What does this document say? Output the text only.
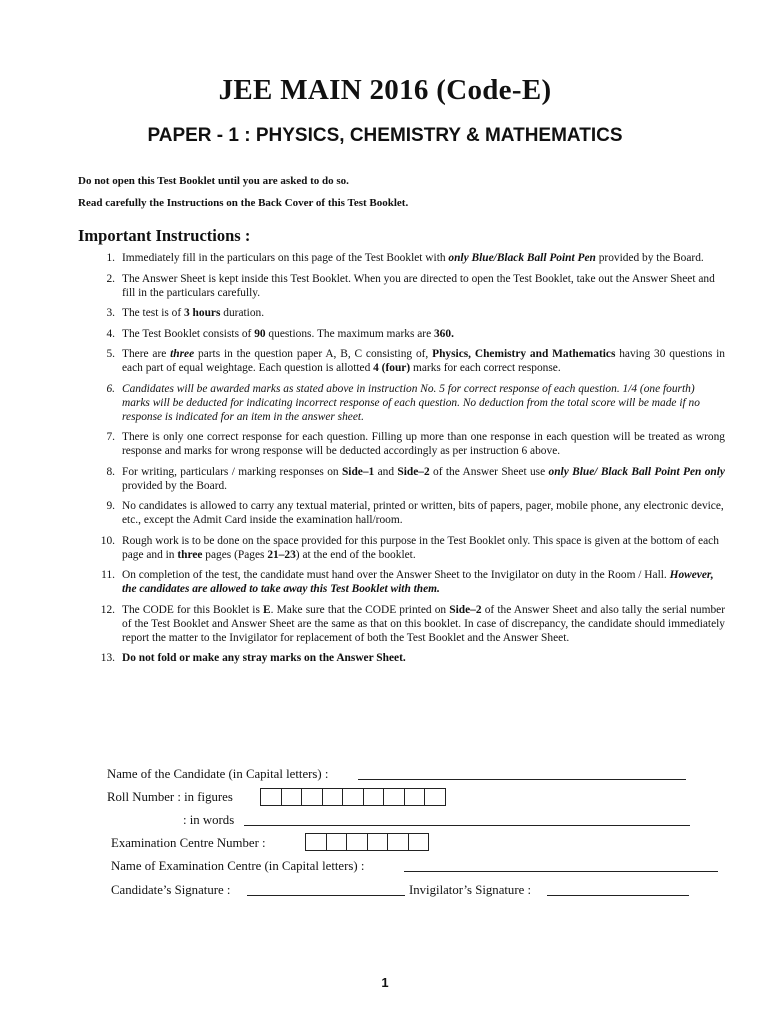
JEE MAIN 2016 (Code-E)
PAPER - 1 : PHYSICS, CHEMISTRY & MATHEMATICS
Do not open this Test Booklet until you are asked to do so.
Read carefully the Instructions on the Back Cover of this Test Booklet.
Important Instructions :
1. Immediately fill in the particulars on this page of the Test Booklet with only Blue/Black Ball Point Pen provided by the Board.
2. The Answer Sheet is kept inside this Test Booklet. When you are directed to open the Test Booklet, take out the Answer Sheet and fill in the particulars carefully.
3. The test is of 3 hours duration.
4. The Test Booklet consists of 90 questions. The maximum marks are 360.
5. There are three parts in the question paper A, B, C consisting of, Physics, Chemistry and Mathematics having 30 questions in each part of equal weightage. Each question is allotted 4 (four) marks for each correct response.
6. Candidates will be awarded marks as stated above in instruction No. 5 for correct response of each question. 1/4 (one fourth) marks will be deducted for indicating incorrect response of each question. No deduction from the total score will be made if no response is indicated for an item in the answer sheet.
7. There is only one correct response for each question. Filling up more than one response in each question will be treated as wrong response and marks for wrong response will be deducted accordingly as per instruction 6 above.
8. For writing, particulars / marking responses on Side–1 and Side–2 of the Answer Sheet use only Blue/ Black Ball Point Pen only provided by the Board.
9. No candidates is allowed to carry any textual material, printed or written, bits of papers, pager, mobile phone, any electronic device, etc., except the Admit Card inside the examination hall/room.
10. Rough work is to be done on the space provided for this purpose in the Test Booklet only. This space is given at the bottom of each page and in three pages (Pages 21–23) at the end of the booklet.
11. On completion of the test, the candidate must hand over the Answer Sheet to the Invigilator on duty in the Room / Hall. However, the candidates are allowed to take away this Test Booklet with them.
12. The CODE for this Booklet is E. Make sure that the CODE printed on Side–2 of the Answer Sheet and also tally the serial number of the Test Booklet and Answer Sheet are the same as that on this booklet. In case of discrepancy, the candidate should immediately report the matter to the Invigilator for replacement of both the Test Booklet and the Answer Sheet.
13. Do not fold or make any stray marks on the Answer Sheet.
Name of the Candidate (in Capital letters) :
Roll Number : in figures
: in words
Examination Centre Number :
Name of Examination Centre (in Capital letters) :
Candidate’s Signature :	Invigilator’s Signature :
1
